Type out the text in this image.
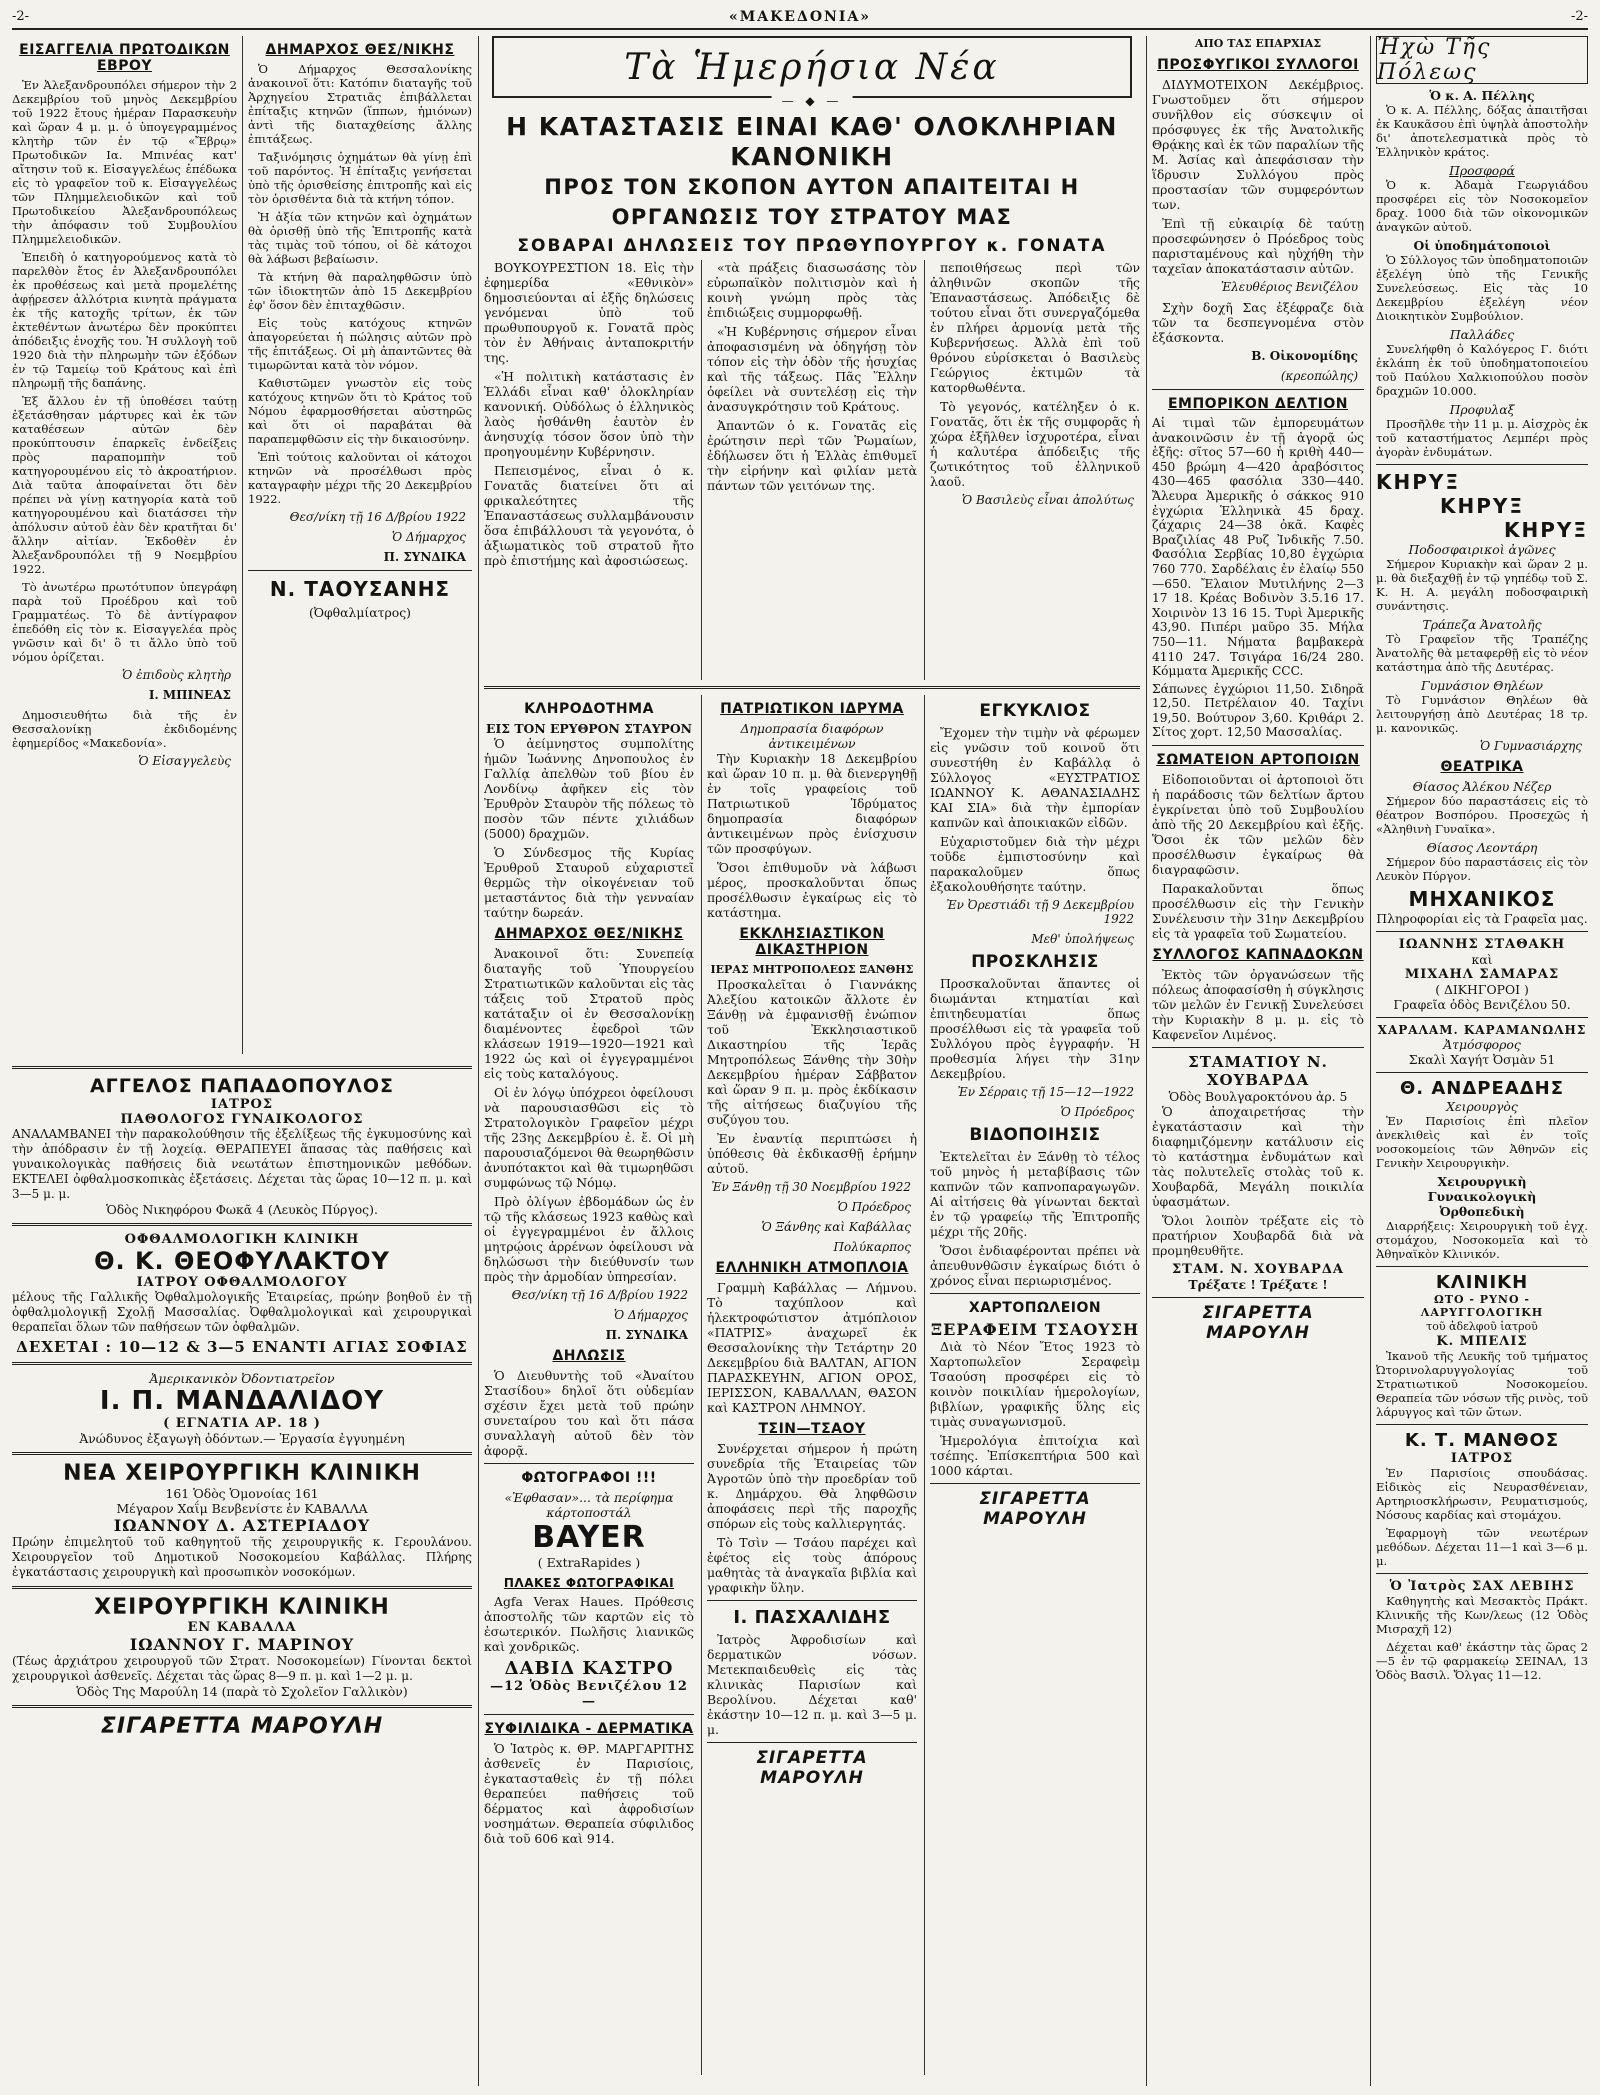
-2-	«ΜΑΚΕΔΟΝΙΑ»	-2-
ΕΙΣΑΓΓΕΛΙΑ ΠΡΩΤΟΔΙΚΩΝ ΕΒΡΟΥ
Ἐν Ἀλεξανδρουπόλει σήμερον τὴν 2 Δεκεμβρίου τοῦ μηνὸς Δεκεμβρίου τοῦ 1922 ἔτους ἡμέραν Παρασκευὴν καὶ ὥραν 4 μ. μ. ὁ ὑπογεγραμμένος κλητὴρ τῶν ἐν τῷ «Ἔβρῳ» Πρωτοδικῶν Ια. Μπινέας κατ' αἴτησιν τοῦ κ. Εἰσαγγελέως ἐπέδωκα εἰς τὸ γραφεῖον τοῦ κ. Εἰσαγγελέως τῶν Πλημμελειοδικῶν καὶ τοῦ Πρωτοδικείου Ἀλεξανδρουπόλεως τὴν ἀπόφασιν τοῦ Συμβουλίου Πλημμελειοδικῶν.
Ἐπειδὴ ὁ κατηγορούμενος κατὰ τὸ παρελθὸν ἔτος ἐν Ἀλεξανδρουπόλει ἐκ προθέσεως καὶ μετὰ προμελέτης ἀφῄρεσεν ἀλλότρια κινητὰ πράγματα ἐκ τῆς κατοχῆς τρίτων, ἐκ τῶν ἐκτεθέντων ἀνωτέρω δὲν προκύπτει ἀπόδειξις ἐνοχῆς του. Ἡ συλλογὴ τοῦ 1920 διὰ τὴν πληρωμὴν τῶν ἐξόδων ἐν τῷ Ταμείῳ τοῦ Κράτους καὶ ἐπὶ πληρωμῇ τῆς δαπάνης.
Ἐξ ἄλλου ἐν τῇ ὑποθέσει ταύτῃ ἐξετάσθησαν μάρτυρες καὶ ἐκ τῶν καταθέσεων αὐτῶν δὲν προκύπτουσιν ἐπαρκεῖς ἐνδείξεις πρὸς παραπομπὴν τοῦ κατηγορουμένου εἰς τὸ ἀκροατήριον. Διὰ ταῦτα ἀποφαίνεται ὅτι δὲν πρέπει νὰ γίνῃ κατηγορία κατὰ τοῦ κατηγορουμένου καὶ διατάσσει τὴν ἀπόλυσιν αὐτοῦ ἐὰν δὲν κρατῆται δι' ἄλλην αἰτίαν. Ἐκδοθὲν ἐν Ἀλεξανδρουπόλει τῇ 9 Νοεμβρίου 1922.
Τὸ ἀνωτέρω πρωτότυπον ὑπεγράφη παρὰ τοῦ Προέδρου καὶ τοῦ Γραμματέως. Τὸ δὲ ἀντίγραφον ἐπεδόθη εἰς τὸν κ. Εἰσαγγελέα πρὸς γνῶσιν καὶ δι' ὃ τι ἄλλο ὑπὸ τοῦ νόμου ὁρίζεται.
Ὁ ἐπιδοὺς κλητὴρ
Ι. ΜΠΙΝΕΑΣ
Δημοσιευθήτω διὰ τῆς ἐν Θεσσαλονίκῃ ἐκδιδομένης ἐφημερίδος «Μακεδονία».
Ὁ Εἰσαγγελεὺς
ΔΗΜΑΡΧΟΣ ΘΕΣ/ΝΙΚΗΣ
Ὁ Δήμαρχος Θεσσαλονίκης ἀνακοινοῖ ὅτι: Κατόπιν διαταγῆς τοῦ Ἀρχηγείου Στρατιᾶς ἐπιβάλλεται ἐπίταξις κτηνῶν (ἵππων, ἡμιόνων) ἀντὶ τῆς διαταχθείσης ἄλλης ἐπιτάξεως.
Ταξινόμησις ὀχημάτων θὰ γίνῃ ἐπὶ τοῦ παρόντος. Ἡ ἐπίταξις γενήσεται ὑπὸ τῆς ὁρισθείσης ἐπιτροπῆς καὶ εἰς τὸν ὁρισθέντα διὰ τὰ κτήνη τόπον.
Ἡ ἀξία τῶν κτηνῶν καὶ ὀχημάτων θὰ ὁρισθῇ ὑπὸ τῆς Ἐπιτροπῆς κατὰ τὰς τιμὰς τοῦ τόπου, οἱ δὲ κάτοχοι θὰ λάβωσι βεβαίωσιν.
Τὰ κτήνη θὰ παραληφθῶσιν ὑπὸ τῶν ἰδιοκτητῶν ἀπὸ 15 Δεκεμβρίου ἐφ' ὅσον δὲν ἐπιταχθῶσιν.
Εἰς τοὺς κατόχους κτηνῶν ἀπαγορεύεται ἡ πώλησις αὐτῶν πρὸ τῆς ἐπιτάξεως. Οἱ μὴ ἀπαντῶντες θὰ τιμωρῶνται κατὰ τὸν νόμον.
Καθιστῶμεν γνωστὸν εἰς τοὺς κατόχους κτηνῶν ὅτι τὸ Κράτος τοῦ Νόμου ἐφαρμοσθήσεται αὐστηρῶς καὶ ὅτι οἱ παραβάται θὰ παραπεμφθῶσιν εἰς τὴν δικαιοσύνην.
Ἐπὶ τούτοις καλοῦνται οἱ κάτοχοι κτηνῶν νὰ προσέλθωσι πρὸς καταγραφὴν μέχρι τῆς 20 Δεκεμβρίου 1922.
Θεσ/νίκη τῇ 16 Δ/βρίου 1922
Ὁ Δήμαρχος
Π. ΣΥΝΔΙΚΑ
Ν. ΤΑΟΥΣΑΝΗΣ
(Ὀφθαλμίατρος)
ΑΓΓΕΛΟΣ ΠΑΠΑΔΟΠΟΥΛΟΣ
ΙΑΤΡΟΣ
ΠΑΘΟΛΟΓΟΣ ΓΥΝΑΙΚΟΛΟΓΟΣ
ΑΝΑΛΑΜΒΑΝΕΙ τὴν παρακολούθησιν τῆς ἐξελίξεως τῆς ἐγκυμοσύνης καὶ τὴν ἀπόδρασιν ἐν τῇ λοχείᾳ. ΘΕΡΑΠΕΥΕΙ ἅπασας τὰς παθήσεις καὶ γυναικολογικὰς παθήσεις διὰ νεωτάτων ἐπιστημονικῶν μεθόδων. ΕΚΤΕΛΕΙ ὀφθαλμοσκοπικὰς ἐξετάσεις. Δέχεται τὰς ὥρας 10—12 π. μ. καὶ 3—5 μ. μ.
Ὁδὸς Νικηφόρου Φωκᾶ 4 (Λευκὸς Πύργος).
ΟΦΘΑΛΜΟΛΟΓΙΚΗ ΚΛΙΝΙΚΗ
Θ. Κ. ΘΕΟΦΥΛΑΚΤΟΥ
ΙΑΤΡΟΥ ΟΦΘΑΛΜΟΛΟΓΟΥ
μέλους τῆς Γαλλικῆς Ὀφθαλμολογικῆς Ἑταιρείας, πρώην βοηθοῦ ἐν τῇ ὀφθαλμολογικῇ Σχολῇ Μασσαλίας. Ὀφθαλμολογικαὶ καὶ χειρουργικαὶ θεραπεῖαι ὅλων τῶν παθήσεων τῶν ὀφθαλμῶν.
ΔΕΧΕΤΑΙ : 10—12 & 3—5 ΕΝΑΝΤΙ ΑΓΙΑΣ ΣΟΦΙΑΣ
Ἀμερικανικὸν Ὀδοντιατρεῖον
Ι. Π. ΜΑΝΔΑΛΙΔΟΥ
( ΕΓΝΑΤΙΑ ΑΡ. 18 )
Ἀνώδυνος ἐξαγωγὴ ὀδόντων.— Ἐργασία ἐγγυημένη
ΝΕΑ ΧΕΙΡΟΥΡΓΙΚΗ ΚΛΙΝΙΚΗ
161 Ὁδὸς Ὁμονοίας 161
Μέγαρον Χαΐμ Βενβενίστε ἐν ΚΑΒΑΛΛΑ
ΙΩΑΝΝΟΥ Δ. ΑΣΤΕΡΙΑΔΟΥ
Πρώην ἐπιμελητοῦ τοῦ καθηγητοῦ τῆς χειρουργικῆς κ. Γερουλάνου. Χειρουργεῖον τοῦ Δημοτικοῦ Νοσοκομείου Καβάλλας. Πλήρης ἐγκατάστασις χειρουργικὴ καὶ προσωπικὸν νοσοκόμων.
ΧΕΙΡΟΥΡΓΙΚΗ ΚΛΙΝΙΚΗ
ΕΝ ΚΑΒΑΛΛΑ
ΙΩΑΝΝΟΥ Γ. ΜΑΡΙΝΟΥ
(Τέως ἀρχιάτρου χειρουργοῦ τῶν Στρατ. Νοσοκομείων) Γίνονται δεκτοὶ χειρουργικοὶ ἀσθενεῖς. Δέχεται τὰς ὥρας 8—9 π. μ. καὶ 1—2 μ. μ.
Ὁδὸς Της Μαρούλη 14 (παρὰ τὸ Σχολεῖον Γαλλικὸν)
ΣΙΓΑΡΕΤΤΑ ΜΑΡΟΥΛΗ
Τὰ Ἡμερήσια Νέα
— ◆ —
Η ΚΑΤΑΣΤΑΣΙΣ ΕΙΝΑΙ ΚΑΘ' ΟΛΟΚΛΗΡΙΑΝ ΚΑΝΟΝΙΚΗ
ΠΡΟΣ ΤΟΝ ΣΚΟΠΟΝ ΑΥΤΟΝ ΑΠΑΙΤΕΙΤΑΙ Η ΟΡΓΑΝΩΣΙΣ ΤΟΥ ΣΤΡΑΤΟΥ ΜΑΣ
ΣΟΒΑΡΑΙ ΔΗΛΩΣΕΙΣ ΤΟΥ ΠΡΩΘΥΠΟΥΡΓΟΥ κ. ΓΟΝΑΤΑ
ΒΟΥΚΟΥΡΕΣΤΙΟΝ 18. Εἰς τὴν ἐφημερίδα «Εθνικὸν» δημοσιεύονται αἱ ἑξῆς δηλώσεις γενόμεναι ὑπὸ τοῦ πρωθυπουργοῦ κ. Γονατᾶ πρὸς τὸν ἐν Ἀθήναις ἀνταποκριτήν της.
«Ἡ πολιτικὴ κατάστασις ἐν Ἑλλάδι εἶναι καθ' ὁλοκληρίαν κανονική. Οὐδόλως ὁ ἑλληνικὸς λαὸς ἠσθάνθη ἑαυτὸν ἐν ἀνησυχίᾳ τόσον ὅσον ὑπὸ τὴν προηγουμένην Κυβέρνησιν.
Πεπεισμένος, εἶναι ὁ κ. Γονατᾶς διατείνει ὅτι αἱ φρικαλεότητες τῆς Ἑπαναστάσεως συλλαμβάνουσιν ὅσα ἐπιβάλλουσι τὰ γεγονότα, ὁ ἀξιωματικὸς τοῦ στρατοῦ ἤτο πρὸ ἐπιστήμης καὶ ἀφοσιώσεως.
«τὰ πράξεις διασωσάσης τὸν εὐρωπαϊκὸν πολιτισμὸν καὶ ἡ κοινὴ γνώμη πρὸς τὰς ἐπιδιώξεις συμμορφωθῇ.
«Ἡ Κυβέρνησις σήμερον εἶναι ἀποφασισμένη νὰ ὁδηγήσῃ τὸν τόπον εἰς τὴν ὁδὸν τῆς ἠσυχίας καὶ τῆς τάξεως. Πᾶς Ἕλλην ὀφείλει νὰ συντελέσῃ εἰς τὴν ἀνασυγκρότησιν τοῦ Κράτους.
Ἀπαντῶν ὁ κ. Γονατᾶς εἰς ἐρώτησιν περὶ τῶν Ῥωμαίων, ἐδήλωσεν ὅτι ἡ Ἑλλὰς ἐπιθυμεῖ τὴν εἰρήνην καὶ φιλίαν μετὰ πάντων τῶν γειτόνων της.
πεποιθήσεως περὶ τῶν ἀληθινῶν σκοπῶν τῆς Ἐπαναστάσεως. Ἀπόδειξις δὲ τούτου εἶναι ὅτι συνεργαζόμεθα ἐν πλήρει ἁρμονίᾳ μετὰ τῆς Κυβερνήσεως. Ἀλλὰ ἐπὶ τοῦ θρόνου εὑρίσκεται ὁ Βασιλεὺς Γεώργιος ἐκτιμῶν τὰ κατορθωθέντα.
Τὸ γεγονός, κατέληξεν ὁ κ. Γονατᾶς, ὅτι ἐκ τῆς συμφορᾶς ἡ χώρα ἐξῆλθεν ἰσχυροτέρα, εἶναι ἡ καλυτέρα ἀπόδειξις τῆς ζωτικότητος τοῦ ἑλληνικοῦ λαοῦ.
Ὁ Βασιλεὺς εἶναι ἀπολύτως
ΚΛΗΡΟΔΟΤΗΜΑ
ΕΙΣ ΤΟΝ ΕΡΥΘΡΟΝ ΣΤΑΥΡΟΝ
Ὁ ἀείμνηστος συμπολίτης ἡμῶν Ἰωάννης Δηνοπουλος ἐν Γαλλίᾳ ἀπελθὼν τοῦ βίου ἐν Λονδίνῳ ἀφῆκεν εἰς τὸν Ἐρυθρὸν Σταυρὸν τῆς πόλεως τὸ ποσὸν τῶν πέντε χιλιάδων (5000) δραχμῶν.
Ὁ Σύνδεσμος τῆς Κυρίας Ἐρυθροῦ Σταυροῦ εὐχαριστεῖ θερμῶς τὴν οἰκογένειαν τοῦ μεταστάντος διὰ τὴν γενναίαν ταύτην δωρεάν.
ΔΗΜΑΡΧΟΣ ΘΕΣ/ΝΙΚΗΣ
Ἀνακοινοῖ ὅτι: Συνεπείᾳ διαταγῆς τοῦ Ὑπουργείου Στρατιωτικῶν καλοῦνται εἰς τὰς τάξεις τοῦ Στρατοῦ πρὸς κατάταξιν οἱ ἐν Θεσσαλονίκῃ διαμένοντες ἐφεδροὶ τῶν κλάσεων 1919—1920—1921 καὶ 1922 ὡς καὶ οἱ ἐγγεγραμμένοι εἰς τοὺς καταλόγους.
Οἱ ἐν λόγῳ ὑπόχρεοι ὀφείλουσι νὰ παρουσιασθῶσι εἰς τὸ Στρατολογικὸν Γραφεῖον μέχρι τῆς 23ης Δεκεμβρίου ἐ. ἔ. Οἱ μὴ παρουσιαζόμενοι θὰ θεωρηθῶσιν ἀνυπότακτοι καὶ θὰ τιμωρηθῶσι συμφώνως τῷ Νόμῳ.
Πρὸ ὀλίγων ἐβδομάδων ὡς ἐν τῷ τῆς κλάσεως 1923 καθὼς καὶ οἱ ἐγγεγραμμένοι ἐν ἄλλοις μητρῴοις ἀρρένων ὀφείλουσι νὰ δηλώσωσι τὴν διεύθυνσίν των πρὸς τὴν ἁρμοδίαν ὑπηρεσίαν.
Θεσ/νίκη τῇ 16 Δ/βρίου 1922
Ὁ Δήμαρχος
Π. ΣΥΝΔΙΚΑ
ΔΗΛΩΣΙΣ
Ὁ Διευθυντὴς τοῦ «Ἀναίτου Στασίδου» δηλοῖ ὅτι οὐδεμίαν σχέσιν ἔχει μετὰ τοῦ πρώην συνεταίρου του καὶ ὅτι πάσα συναλλαγὴ αὐτοῦ δὲν τὸν ἀφορᾷ.
ΦΩΤΟΓΡΑΦΟΙ !!!
«Ἐφθασαν»... τὰ περίφημα κάρτοποστάλ
BAYER
( ExtraRapides )
ΠΛΑΚΕΣ ΦΩΤΟΓΡΑΦΙΚΑΙ
Agfa Verax Haues. Πρόθεσις ἀποστολῆς τῶν καρτῶν εἰς τὸ ἐσωτερικόν. Πωλῆσις λιανικῶς καὶ χονδρικῶς.
ΔΑΒΙΔ ΚΑΣΤΡΟ
—12 Ὁδὸς Βενιζέλου 12—
ΣΥΦΙΛΙΔΙΚΑ - ΔΕΡΜΑΤΙΚΑ
Ὁ Ἰατρὸς κ. ΘΡ. ΜΑΡΓΑΡΙΤΗΣ ἀσθενεῖς ἐν Παρισίοις, ἐγκατασταθεὶς ἐν τῇ πόλει θεραπεύει παθήσεις τοῦ δέρματος καὶ ἀφροδισίων νοσημάτων. Θεραπεία σύφιλιδος διὰ τοῦ 606 καὶ 914.
ΠΑΤΡΙΩΤΙΚΟΝ ΙΔΡΥΜΑ
Δημοπρασία διαφόρων ἀντικειμένων
Τὴν Κυριακὴν 18 Δεκεμβρίου καὶ ὥραν 10 π. μ. θὰ διενεργηθῇ ἐν τοῖς γραφείοις τοῦ Πατριωτικοῦ Ἱδρύματος δημοπρασία διαφόρων ἀντικειμένων πρὸς ἐνίσχυσιν τῶν προσφύγων.
Ὅσοι ἐπιθυμοῦν νὰ λάβωσι μέρος, προσκαλοῦνται ὅπως προσέλθωσιν ἐγκαίρως εἰς τὸ κατάστημα.
ΕΚΚΛΗΣΙΑΣΤΙΚΟΝ ΔΙΚΑΣΤΗΡΙΟΝ
ΙΕΡΑΣ ΜΗΤΡΟΠΟΛΕΩΣ ΞΑΝΘΗΣ
Προσκαλεῖται ὁ Γιαννάκης Ἀλεξίου κατοικῶν ἄλλοτε ἐν Ξάνθῃ νὰ ἐμφανισθῇ ἐνώπιον τοῦ Ἐκκλησιαστικοῦ Δικαστηρίου τῆς Ἱερᾶς Μητροπόλεως Ξάνθης τὴν 30ὴν Δεκεμβρίου ἡμέραν Σάββατον καὶ ὥραν 9 π. μ. πρὸς ἐκδίκασιν τῆς αἰτήσεως διαζυγίου τῆς συζύγου του.
Ἐν ἐναντίᾳ περιπτώσει ἡ ὑπόθεσις θὰ ἐκδικασθῇ ἐρήμην αὐτοῦ.
Ἐν Ξάνθῃ τῇ 30 Νοεμβρίου 1922
Ὁ Πρόεδρος
Ὁ Ξάνθης καὶ Καβάλλας
Πολύκαρπος
ΕΛΛΗΝΙΚΗ ΑΤΜΟΠΛΟΙΑ
Γραμμὴ Καβάλλας — Λήμνου. Τὸ ταχύπλοον καὶ ἠλεκτροφώτιστον ἀτμόπλοιον «ΠΑΤΡΙΣ» ἀναχωρεῖ ἐκ Θεσσαλονίκης τὴν Τετάρτην 20 Δεκεμβρίου διὰ ΒΑΛΤΑΝ, ΑΓΙΟΝ ΠΑΡΑΣΚΕΥΗΝ, ΑΓΙΟΝ ΟΡΟΣ, ΙΕΡΙΣΣΟΝ, ΚΑΒΑΛΛΑΝ, ΘΑΣΟΝ καὶ ΚΑΣΤΡΟΝ ΛΗΜΝΟΥ.
ΤΣΙΝ—ΤΣΑΟΥ
Συνέρχεται σήμερον ἡ πρώτη συνεδρία τῆς Ἑταιρείας τῶν Ἀγροτῶν ὑπὸ τὴν προεδρίαν τοῦ κ. Δημάρχου. Θὰ ληφθῶσιν ἀποφάσεις περὶ τῆς παροχῆς σπόρων εἰς τοὺς καλλιεργητάς.
Τὸ Τσὶν — Τσάου παρέχει καὶ ἐφέτος εἰς τοὺς ἀπόρους μαθητὰς τὰ ἀναγκαῖα βιβλία καὶ γραφικὴν ὕλην.
Ι. ΠΑΣΧΑΛΙΔΗΣ
Ἰατρὸς Ἀφροδισίων καὶ δερματικῶν νόσων. Μετεκπαιδευθεὶς εἰς τὰς κλινικὰς Παρισίων καὶ Βερολίνου. Δέχεται καθ' ἑκάστην 10—12 π. μ. καὶ 3—5 μ. μ.
ΣΙΓΑΡΕΤΤΑ ΜΑΡΟΥΛΗ
ΕΓΚΥΚΛΙΟΣ
Ἔχομεν τὴν τιμὴν νὰ φέρωμεν εἰς γνῶσιν τοῦ κοινοῦ ὅτι συνεστήθη ἐν Καβάλλᾳ ὁ Σύλλογος «ΕΥΣΤΡΑΤΙΟΣ ΙΩΑΝΝΟΥ Κ. ΑΘΑΝΑΣΙΑΔΗΣ ΚΑΙ ΣΙΑ» διὰ τὴν ἐμπορίαν καπνῶν καὶ ἀποικιακῶν εἰδῶν.
Εὐχαριστοῦμεν διὰ τὴν μέχρι τοῦδε ἐμπιστοσύνην καὶ παρακαλοῦμεν ὅπως ἐξακολουθήσητε ταύτην.
Ἐν Ὀρεστιάδι τῇ 9 Δεκεμβρίου 1922
Μεθ' ὑπολήψεως
ΠΡΟΣΚΛΗΣΙΣ
Προσκαλοῦνται ἅπαντες οἱ διωμάνται κτηματίαι καὶ ἐπιτηδευματίαι ὅπως προσέλθωσι εἰς τὰ γραφεῖα τοῦ Συλλόγου πρὸς ἐγγραφήν. Ἡ προθεσμία λήγει τὴν 31ην Δεκεμβρίου.
Ἐν Σέρραις τῇ 15—12—1922
Ὁ Πρόεδρος
ΒΙΔΟΠΟΙΗΣΙΣ
Ἐκτελεῖται ἐν Ξάνθῃ τὸ τέλος τοῦ μηνὸς ἡ μεταβίβασις τῶν καπνῶν τῶν καπνοπαραγωγῶν. Αἱ αἰτήσεις θὰ γίνωνται δεκταὶ ἐν τῷ γραφείῳ τῆς Ἐπιτροπῆς μέχρι τῆς 20ῆς.
Ὅσοι ἐνδιαφέρονται πρέπει νὰ ἀπευθυνθῶσιν ἐγκαίρως διότι ὁ χρόνος εἶναι περιωρισμένος.
ΧΑΡΤΟΠΩΛΕΙΟΝ
ΞΕΡΑΦΕΙΜ ΤΣΑΟΥΣΗ
Διὰ τὸ Νέον Ἔτος 1923 τὸ Χαρτοπωλεῖον Σεραφεὶμ Τσαούση προσφέρει εἰς τὸ κοινὸν ποικιλίαν ἡμερολογίων, βιβλίων, γραφικῆς ὕλης εἰς τιμὰς συναγωνισμοῦ.
Ἡμερολόγια ἐπιτοίχια καὶ τσέπης. Ἐπίσκεπτήρια 500 καὶ 1000 κάρται.
ΣΙΓΑΡΕΤΤΑ ΜΑΡΟΥΛΗ
ΑΠΟ ΤΑΣ ΕΠΑΡΧΙΑΣ
ΠΡΟΣΦΥΓΙΚΟΙ ΣΥΛΛΟΓΟΙ
ΔΙΔΥΜΟΤΕΙΧΟΝ Δεκέμβριος. Γνωστοῦμεν ὅτι σήμερον συνῆλθον εἰς σύσκεψιν οἱ πρόσφυγες ἐκ τῆς Ἀνατολικῆς Θρᾴκης καὶ ἐκ τῶν παραλίων τῆς Μ. Ἀσίας καὶ ἀπεφάσισαν τὴν ἵδρυσιν Συλλόγου πρὸς προστασίαν τῶν συμφερόντων των.
Ἐπὶ τῇ εὐκαιρίᾳ δὲ ταύτῃ προσεφώνησεν ὁ Πρόεδρος τοὺς παρισταμένους καὶ ηὐχήθη τὴν ταχεῖαν ἀποκατάστασιν αὐτῶν.
Ἐλευθέριος Βενιζέλου
Σχὴν δοχῆ Σας ἐξέφραζε διὰ τῶν τα δεσπεγνομένα στὸν ἐξάσκοντα.
Β. Οἰκονομίδης
(κρεοπώλης)
ΕΜΠΟΡΙΚΟΝ ΔΕΛΤΙΟΝ
Αἱ τιμαὶ τῶν ἐμπορευμάτων ἀνακοινῶσιν ἐν τῇ ἀγορᾷ ὡς ἑξῆς: σῖτος 57—60 ἡ κριθὴ 440—450 βρώμη 4—420 ἀραβόσιτος 430—465 φασόλια 330—440. Ἄλευρα Ἀμερικῆς ὁ σάκκος 910 ἐγχώρια Ἑλληνικὰ 45 δραχ. ζάχαρις 24—38 ὀκᾶ. Καφὲς Βραζιλίας 48 Ρυζ Ἰνδικῆς 7.50. Φασόλια Σερβίας 10,80 ἐγχώρια 760 770. Σαρδέλαις ἐν ἐλαίῳ 550—650. Ἔλαιον Μυτιλήνης 2—3 17 18. Κρέας Βοδινὸν 3.5.16 17. Χοιρινὸν 13 16 15. Τυρὶ Ἀμερικῆς 43,90. Πιπέρι μαῦρο 35. Μήλα 750—11. Νήματα βαμβακερὰ 4110 247. Τσιγάρα 16/24 280. Κόμματα Ἀμερικῆς CCC.
Σάπωνες ἐγχώριοι 11,50. Σιδηρᾶ 12,50. Πετρέλαιον 40. Ταχίνι 19,50. Βούτυρον 3,60. Κριθάρι 2. Σίτος χορτ. 12,50 Μασσαλίας.
ΣΩΜΑΤΕΙΟΝ ΑΡΤΟΠΟΙΩΝ
Εἰδοποιοῦνται οἱ ἀρτοποιοὶ ὅτι ἡ παράδοσις τῶν δελτίων ἄρτου ἐγκρίνεται ὑπὸ τοῦ Συμβουλίου ἀπὸ τῆς 20 Δεκεμβρίου καὶ ἑξῆς. Ὅσοι ἐκ τῶν μελῶν δὲν προσέλθωσιν ἐγκαίρως θὰ διαγραφῶσιν.
Παρακαλοῦνται ὅπως προσέλθωσιν εἰς τὴν Γενικὴν Συνέλευσιν τὴν 31ην Δεκεμβρίου εἰς τὰ γραφεῖα τοῦ Σωματείου.
ΣΥΛΛΟΓΟΣ ΚΑΠΝΑΔΟΚΩΝ
Ἐκτὸς τῶν ὀργανώσεων τῆς πόλεως ἀποφασίσθη ἡ σύγκλησις τῶν μελῶν ἐν Γενικῇ Συνελεύσει τὴν Κυριακὴν 8 μ. μ. εἰς τὸ Καφενεῖον Λιμένος.
ΣΤΑΜΑΤΙΟΥ Ν. ΧΟΥΒΑΡΔΑ
Ὁδὸς Βουλγαροκτόνου ἀρ. 5
Ὁ ἀποχαιρετήσας τὴν ἐγκατάστασιν καὶ τὴν διαφημιζόμενην κατάλυσιν εἰς τὸ κατάστημα ἐνδυμάτων καὶ τὰς πολυτελεῖς στολὰς τοῦ κ. Χουβαρδᾶ, Μεγάλη ποικιλία ὑφασμάτων.
Ὅλοι λοιπὸν τρέξατε εἰς τὸ πρατήριον Χουβαρδᾶ διὰ νὰ προμηθευθῆτε.
ΣΤΑΜ. Ν. ΧΟΥΒΑΡΔΑ
Τρέξατε ! Τρέξατε !
ΣΙΓΑΡΕΤΤΑ ΜΑΡΟΥΛΗ
Ἠχὼ Τῆς Πόλεως
Ὁ κ. Α. Πέλλης
Ὁ κ. Α. Πέλλης, δόξας ἀπαιτῆσαι ἐκ Καυκᾶσου ἐπὶ ὑψηλὰ ἀποστολὴν δι' ἀποτελεσματικὰ πρὸς τὸ Ἑλληνικὸν κράτος.
Προσφορά
Ὁ κ. Ἀδαμὰ Γεωργιάδου προσφέρει εἰς τὸν Νοσοκομεῖον δραχ. 1000 διὰ τῶν οἰκονομικῶν ἀναγκῶν αὐτοῦ.
Οἱ ὑποδημάτοποιοὶ
Ὁ Σύλλογος τῶν ὑποδηματοποιῶν ἐξελέγη ὑπὸ τῆς Γενικῆς Συνελεύσεως. Εἰς τὰς 10 Δεκεμβρίου ἐξελέγη νέον Διοικητικὸν Συμβούλιον.
Παλλάδες
Συνελήφθη ὁ Καλόγερος Γ. διότι ἐκλάπη ἐκ τοῦ ὑποδηματοποιείου τοῦ Παύλου Χαλκιοπούλου ποσὸν δραχμῶν 10.000.
Προφυλαξ
Προσῆλθε τὴν 11 μ. μ. Αἰσχρὸς ἐκ τοῦ καταστήματος Λεμπέρι πρὸς ἀγορὰν ἐνδυμάτων.
ΚΗΡΥΞ
ΚΗΡΥΞ
ΚΗΡΥΞ
Ποδοσφαιρικοὶ ἀγῶνες
Σήμερον Κυριακὴν καὶ ὥραν 2 μ. μ. θὰ διεξαχθῇ ἐν τῷ γηπέδῳ τοῦ Σ. Κ. Η. Α. μεγάλη ποδοσφαιρικὴ συνάντησις.
Τράπεζα Ἀνατολῆς
Τὸ Γραφεῖον τῆς Τραπέζης Ἀνατολῆς θὰ μεταφερθῇ εἰς τὸ νέον κατάστημα ἀπὸ τῆς Δευτέρας.
Γυμνάσιον Θηλέων
Τὸ Γυμνάσιον Θηλέων θὰ λειτουργήσῃ ἀπὸ Δευτέρας 18 τρ. μ. κανονικῶς.
Ὁ Γυμνασιάρχης
ΘΕΑΤΡΙΚΑ
Θίασος Ἀλέκου Νέζερ
Σήμερον δύο παραστάσεις εἰς τὸ θέατρον Βοσπόρου. Προσεχῶς ἡ «Ἀληθινὴ Γυναῖκα».
Θίασος Λεοντάρη
Σήμερον δύο παραστάσεις εἰς τὸν Λευκὸν Πύργον.
ΜΗΧΑΝΙΚΟΣ
Πληροφορίαι εἰς τὰ Γραφεῖα μας.
ΙΩΑΝΝΗΣ ΣΤΑΘΑΚΗ
καὶ
ΜΙΧΑΗΛ ΣΑΜΑΡΑΣ
( ΔΙΚΗΓΟΡΟΙ )
Γραφεῖα ὁδὸς Βενιζέλου 50.
ΧΑΡΑΛΑΜ. ΚΑΡΑΜΑΝΩΛΗΣ
Ἀτμόσφορος
Σκαλὶ Χαγήτ Ὀσμὰν 51
Θ. ΑΝΔΡΕΑΔΗΣ
Χειρουργὸς
Ἐν Παρισίοις ἐπὶ πλεῖον ἀνεκλιθεὶς καὶ ἐν τοῖς νοσοκομείοις τῶν Ἀθηνῶν εἰς Γενικὴν Χειρουργικὴν.
Χειρουργικὴ
Γυναικολογικὴ
Ὀρθοπεδικὴ
Διαρρήξεις: Χειρουργικὴ τοῦ ἐγχ. στομάχου, Νοσοκομεῖα καὶ τὸ Ἀθηναϊκὸν Κλινικόν.
ΚΛΙΝΙΚΗ
ΩΤΟ - ΡΥΝΟ - ΛΑΡΥΓΓΟΛΟΓΙΚΗ
τοῦ ἀδελφοῦ ἰατροῦ
Κ. ΜΠΕΛΙΣ
Ἰκανοῦ τῆς Λευκῆς τοῦ τμήματος Ὠτορινολαρυγγολογίας τοῦ Στρατιωτικοῦ Νοσοκομείου. Θεραπεία τῶν νόσων τῆς ρινὸς, τοῦ λάρυγγος καὶ τῶν ὤτων.
Κ. Τ. ΜΑΝΘΟΣ
ΙΑΤΡΟΣ
Ἐν Παρισίοις σπουδάσας. Εἰδικὸς εἰς Νευρασθένειαν, Αρτηριοσκλήρωσιν, Ρευματισμούς, Νόσους καρδίας καὶ στομάχου.
Ἐφαρμογὴ τῶν νεωτέρων μεθόδων. Δέχεται 11—1 καὶ 3—6 μ. μ.
Ὁ Ἰατρὸς ΣΑΧ ΛΕΒΙΗΣ
Καθηγητὴς καὶ Μεσακτὸς Πράκτ. Κλινικῆς τῆς Κων/λεως (12 Ὁδὸς Μισραχῆ 12)
Δέχεται καθ' ἑκάστην τὰς ὥρας 2—5 ἐν τῷ φαρμακείῳ ΣΕΙΝΑΛ, 13 Ὁδὸς Βασιλ. Ὄλγας 11—12.
